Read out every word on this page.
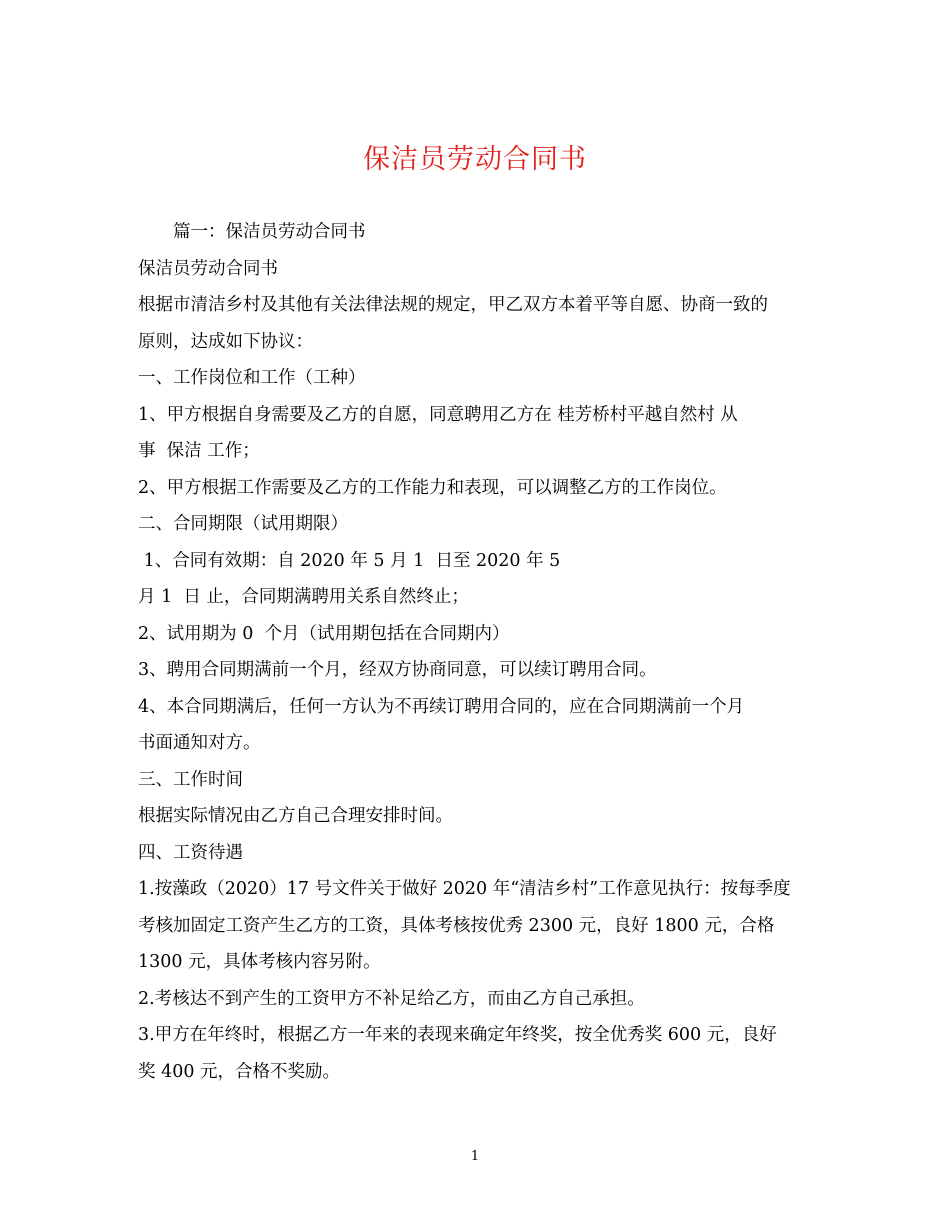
保洁员劳动合同书
　　篇一：保洁员劳动合同书
保洁员劳动合同书
根据市清洁乡村及其他有关法律法规的规定，甲乙双方本着平等自愿、协商一致的
原则，达成如下协议：
一、工作岗位和工作（工种）
1、甲方根据自身需要及乙方的自愿，同意聘用乙方在 桂芳桥村平越自然村 从
事  保洁 工作；
2、甲方根据工作需要及乙方的工作能力和表现，可以调整乙方的工作岗位。
二、合同期限（试用期限）
1、合同有效期：自 2020 年 5 月 1  日至 2020 年 5
月 1  日 止，合同期满聘用关系自然终止；
2、试用期为 0  个月（试用期包括在合同期内）
3、聘用合同期满前一个月，经双方协商同意，可以续订聘用合同。
4、本合同期满后，任何一方认为不再续订聘用合同的，应在合同期满前一个月
书面通知对方。
三、工作时间
根据实际情况由乙方自己合理安排时间。
四、工资待遇
1.按藻政（2020）17 号文件关于做好 2020 年“清洁乡村”工作意见执行：按每季度
考核加固定工资产生乙方的工资，具体考核按优秀 2300 元，良好 1800 元，合格
1300 元，具体考核内容另附。
2.考核达不到产生的工资甲方不补足给乙方，而由乙方自己承担。
3.甲方在年终时，根据乙方一年来的表现来确定年终奖，按全优秀奖 600 元，良好
奖 400 元，合格不奖励。
1
